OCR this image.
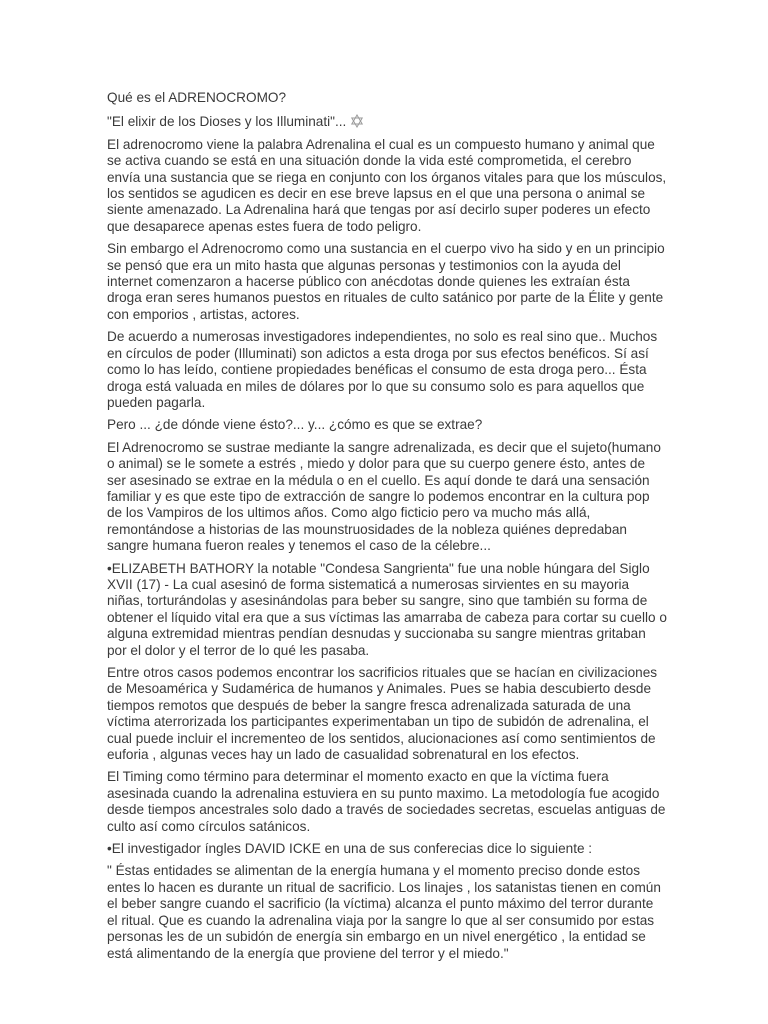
Qué es el ADRENOCROMO?

"El elixir de los Dioses y los Illuminati"...

El adrenocromo viene la palabra Adrenalina el cual es un compuesto humano y animal que se activa cuando se está en una situación donde la vida esté comprometida, el cerebro envía una sustancia que se riega en conjunto con los órganos vitales para que los músculos, los sentidos se agudicen es decir en ese breve lapsus en el que una persona o animal se siente amenazado. La Adrenalina hará que tengas por así decirlo super poderes un efecto que desaparece apenas estes fuera de todo peligro.

Sin embargo el Adrenocromo como una sustancia en el cuerpo vivo ha sido y en un principio se pensó que era un mito hasta que algunas personas y testimonios con la ayuda del internet comenzaron a hacerse público con anécdotas donde quienes les extraían ésta droga eran seres humanos puestos en rituales de culto satánico por parte de la Élite y gente con emporios , artistas, actores.

De acuerdo a numerosas investigadores independientes, no solo es real sino que.. Muchos en círculos de poder (Illuminati) son adictos a esta droga por sus efectos benéficos. Sí así como lo has leído, contiene propiedades benéficas el consumo de esta droga pero... Ésta droga está valuada en miles de dólares por lo que su consumo solo es para aquellos que pueden pagarla.

Pero ... ¿de dónde viene ésto?... y... ¿cómo es que se extrae?

El Adrenocromo se sustrae mediante la sangre adrenalizada, es decir que el sujeto(humano o animal) se le somete a estrés , miedo y dolor para que su cuerpo genere ésto, antes de ser asesinado se extrae en la médula o en el cuello. Es aquí donde te dará una sensación familiar y es que este tipo de extracción de sangre lo podemos encontrar en la cultura pop de los Vampiros de los ultimos años. Como algo ficticio pero va mucho más allá, remontándose a historias de las mounstruosidades de la nobleza quiénes depredaban sangre humana fueron reales y tenemos el caso de la célebre...

•ELIZABETH BATHORY la notable "Condesa Sangrienta" fue una noble húngara del Siglo XVII (17) - La cual asesinó de forma sistematicá a numerosas sirvientes en su mayoria niñas, torturándolas y asesinándolas para beber su sangre, sino que también su forma de obtener el líquido vital era que a sus víctimas las amarraba de cabeza para cortar su cuello o alguna extremidad mientras pendían desnudas y succionaba su sangre mientras gritaban por el dolor y el terror de lo qué les pasaba.

Entre otros casos podemos encontrar los sacrificios rituales que se hacían en civilizaciones de Mesoamérica y Sudamérica de humanos y Animales. Pues se habia descubierto desde tiempos remotos que después de beber la sangre fresca adrenalizada saturada de una víctima aterrorizada los participantes experimentaban un tipo de subidón de adrenalina, el cual puede incluir el incrementeo de los sentidos, alucionaciones así como sentimientos de euforia , algunas veces hay un lado de casualidad sobrenatural en los efectos.

El Timing como término para determinar el momento exacto en que la víctima fuera asesinada cuando la adrenalina estuviera en su punto maximo. La metodología fue acogido desde tiempos ancestrales solo dado a través de sociedades secretas, escuelas antiguas de culto así como círculos satánicos.

•El investigador íngles DAVID ICKE en una de sus conferecias dice lo siguiente :

" Éstas entidades se alimentan de la energía humana y el momento preciso donde estos entes lo hacen es durante un ritual de sacrificio. Los linajes , los satanistas tienen en común el beber sangre cuando el sacrificio (la víctima) alcanza el punto máximo del terror durante el ritual. Que es cuando la adrenalina viaja por la sangre lo que al ser consumido por estas personas les de un subidón de energía sin embargo en un nivel energético , la entidad se está alimentando de la energía que proviene del terror y el miedo."
